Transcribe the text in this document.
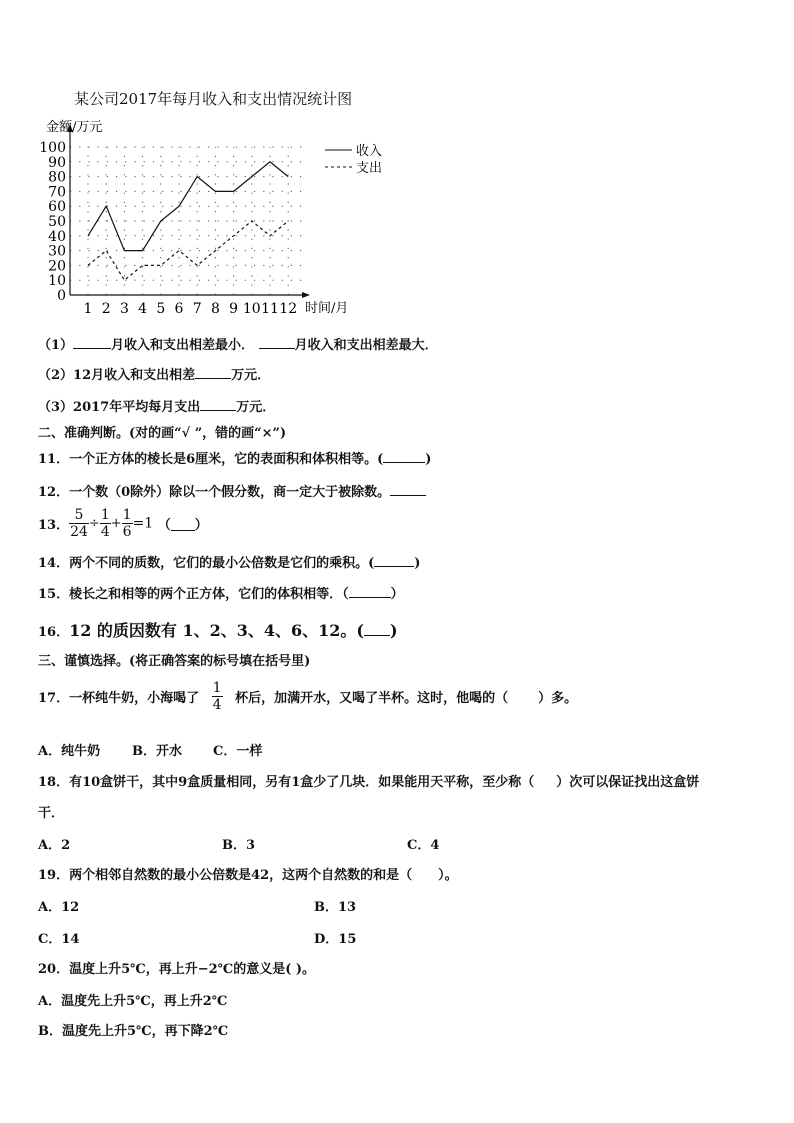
某公司2017年每月收入和支出情况统计图
0
10
20
30
40
50
60
70
80
90
100
1 2 3 4 5 6 7 8 9 10 11 12
金额/万元
时间/月
收入
支出
（1）	月收入和支出相差最小．	月收入和支出相差最大．
（2）12月收入和支出相差	万元．
（3）2017年平均每月支出	万元．
二、准确判断。(对的画“√ ”，错的画“×”)
11．一个正方体的棱长是6厘米，它的表面积和体积相等。(	)
12．一个数（0除外）除以一个假分数，商一定大于被除数。
13． $\frac{5}{24} \div \frac{1}{4} + \frac{1}{6} =1$ （ ）
14．两个不同的质数，它们的最小公倍数是它们的乘积。(	)
15．棱长之和相等的两个正方体，它们的体积相等．（	）
16．12 的质因数有 1、2、3、4、6、12。( )
三、谨慎选择。(将正确答案的标号填在括号里)
17．一杯纯牛奶，小海喝了 $\frac{1}{4}$ 杯后，加满开水，又喝了半杯。这时，他喝的（ ）多。
A．纯牛奶 B．开水 C．一样
18．有10盒饼干，其中9盒质量相同，另有1盒少了几块．如果能用天平称，至少称（ ）次可以保证找出这盒饼
干．
A．2	B．3	C．4
19．两个相邻自然数的最小公倍数是42，这两个自然数的和是（　　）。
A．12	B．13
C．14	D．15
20．温度上升5℃，再上升−2℃的意义是( )。
A．温度先上升5℃，再上升2℃
B．温度先上升5℃，再下降2℃
